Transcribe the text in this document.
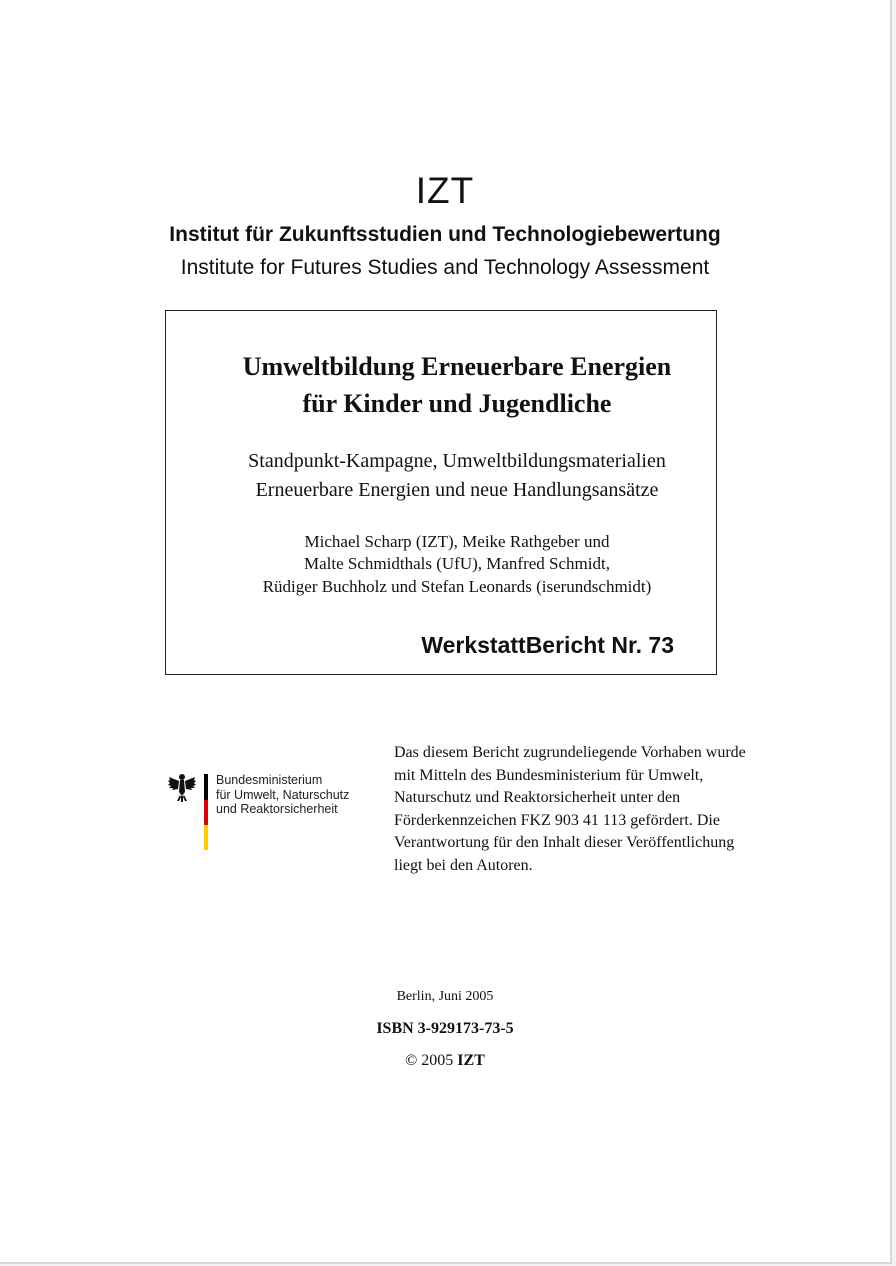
IZT
Institut für Zukunftsstudien und Technologiebewertung
Institute for Futures Studies and Technology Assessment
Umweltbildung Erneuerbare Energien
für Kinder und Jugendliche
Standpunkt-Kampagne, Umweltbildungsmaterialien
Erneuerbare Energien und neue Handlungsansätze
Michael Scharp (IZT), Meike Rathgeber und
Malte Schmidthals (UfU), Manfred Schmidt,
Rüdiger Buchholz und Stefan Leonards (iserundschmidt)
WerkstattBericht Nr. 73
Bundesministerium
für Umwelt, Naturschutz
und Reaktorsicherheit
Das diesem Bericht zugrundeliegende Vorhaben wurde
mit Mitteln des Bundesministerium für Umwelt,
Naturschutz und Reaktorsicherheit unter den
Förderkennzeichen FKZ 903 41 113 gefördert. Die
Verantwortung für den Inhalt dieser Veröffentlichung
liegt bei den Autoren.
Berlin, Juni 2005
ISBN 3-929173-73-5
© 2005 IZT
